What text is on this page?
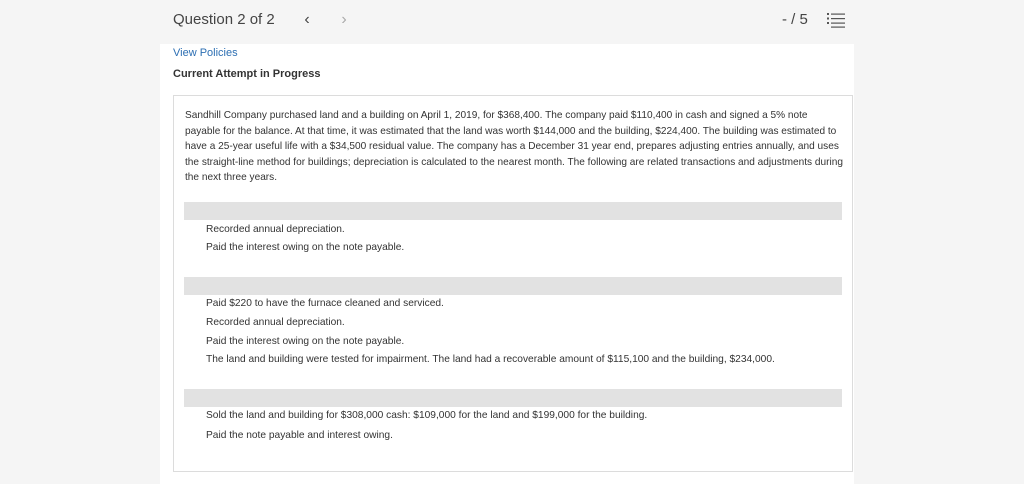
Question 2 of 2	‹	›	- / 5
View Policies
Current Attempt in Progress
Sandhill Company purchased land and a building on April 1, 2019, for $368,400. The company paid $110,400 in cash and signed a 5% note payable for the balance. At that time, it was estimated that the land was worth $144,000 and the building, $224,400. The building was estimated to have a 25-year useful life with a $34,500 residual value. The company has a December 31 year end, prepares adjusting entries annually, and uses the straight-line method for buildings; depreciation is calculated to the nearest month. The following are related transactions and adjustments during the next three years.
Recorded annual depreciation.
Paid the interest owing on the note payable.
Paid $220 to have the furnace cleaned and serviced.
Recorded annual depreciation.
Paid the interest owing on the note payable.
The land and building were tested for impairment. The land had a recoverable amount of $115,100 and the building, $234,000.
Sold the land and building for $308,000 cash: $109,000 for the land and $199,000 for the building.
Paid the note payable and interest owing.
